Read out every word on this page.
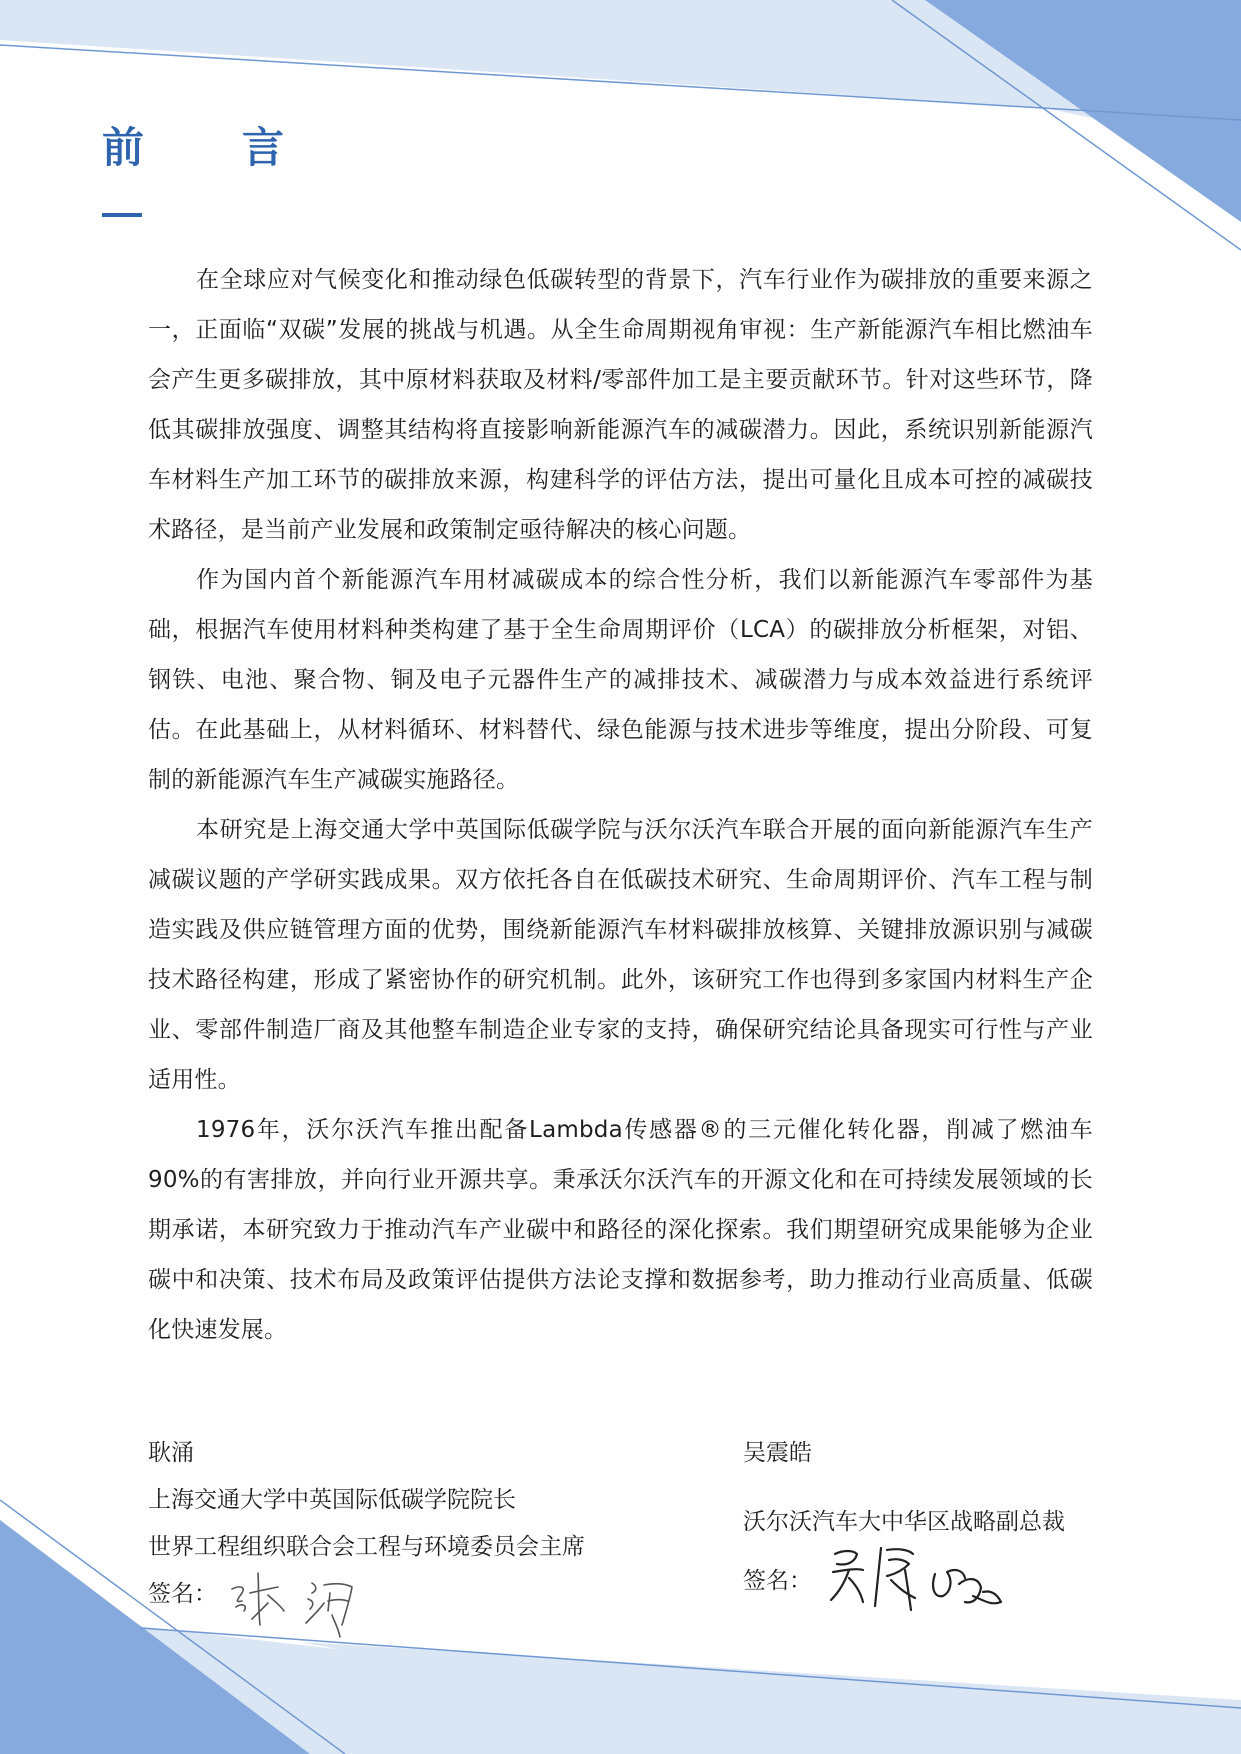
前　言

在全球应对气候变化和推动绿色低碳转型的背景下，汽车行业作为碳排放的重要来源之一，正面临“双碳”发展的挑战与机遇。从全生命周期视角审视：生产新能源汽车相比燃油车会产生更多碳排放，其中原材料获取及材料/零部件加工是主要贡献环节。针对这些环节，降低其碳排放强度、调整其结构将直接影响新能源汽车的减碳潜力。因此，系统识别新能源汽车材料生产加工环节的碳排放来源，构建科学的评估方法，提出可量化且成本可控的减碳技术路径，是当前产业发展和政策制定亟待解决的核心问题。

作为国内首个新能源汽车用材减碳成本的综合性分析，我们以新能源汽车零部件为基础，根据汽车使用材料种类构建了基于全生命周期评价（LCA）的碳排放分析框架，对铝、钢铁、电池、聚合物、铜及电子元器件生产的减排技术、减碳潜力与成本效益进行系统评估。在此基础上，从材料循环、材料替代、绿色能源与技术进步等维度，提出分阶段、可复制的新能源汽车生产减碳实施路径。

本研究是上海交通大学中英国际低碳学院与沃尔沃汽车联合开展的面向新能源汽车生产减碳议题的产学研实践成果。双方依托各自在低碳技术研究、生命周期评价、汽车工程与制造实践及供应链管理方面的优势，围绕新能源汽车材料碳排放核算、关键排放源识别与减碳技术路径构建，形成了紧密协作的研究机制。此外，该研究工作也得到多家国内材料生产企业、零部件制造厂商及其他整车制造企业专家的支持，确保研究结论具备现实可行性与产业适用性。

1976年，沃尔沃汽车推出配备Lambda传感器®的三元催化转化器，削减了燃油车90%的有害排放，并向行业开源共享。秉承沃尔沃汽车的开源文化和在可持续发展领域的长期承诺，本研究致力于推动汽车产业碳中和路径的深化探索。我们期望研究成果能够为企业碳中和决策、技术布局及政策评估提供方法论支撑和数据参考，助力推动行业高质量、低碳化快速发展。

耿涌
上海交通大学中英国际低碳学院院长
世界工程组织联合会工程与环境委员会主席
签名：
吴震皓
沃尔沃汽车大中华区战略副总裁
签名：
